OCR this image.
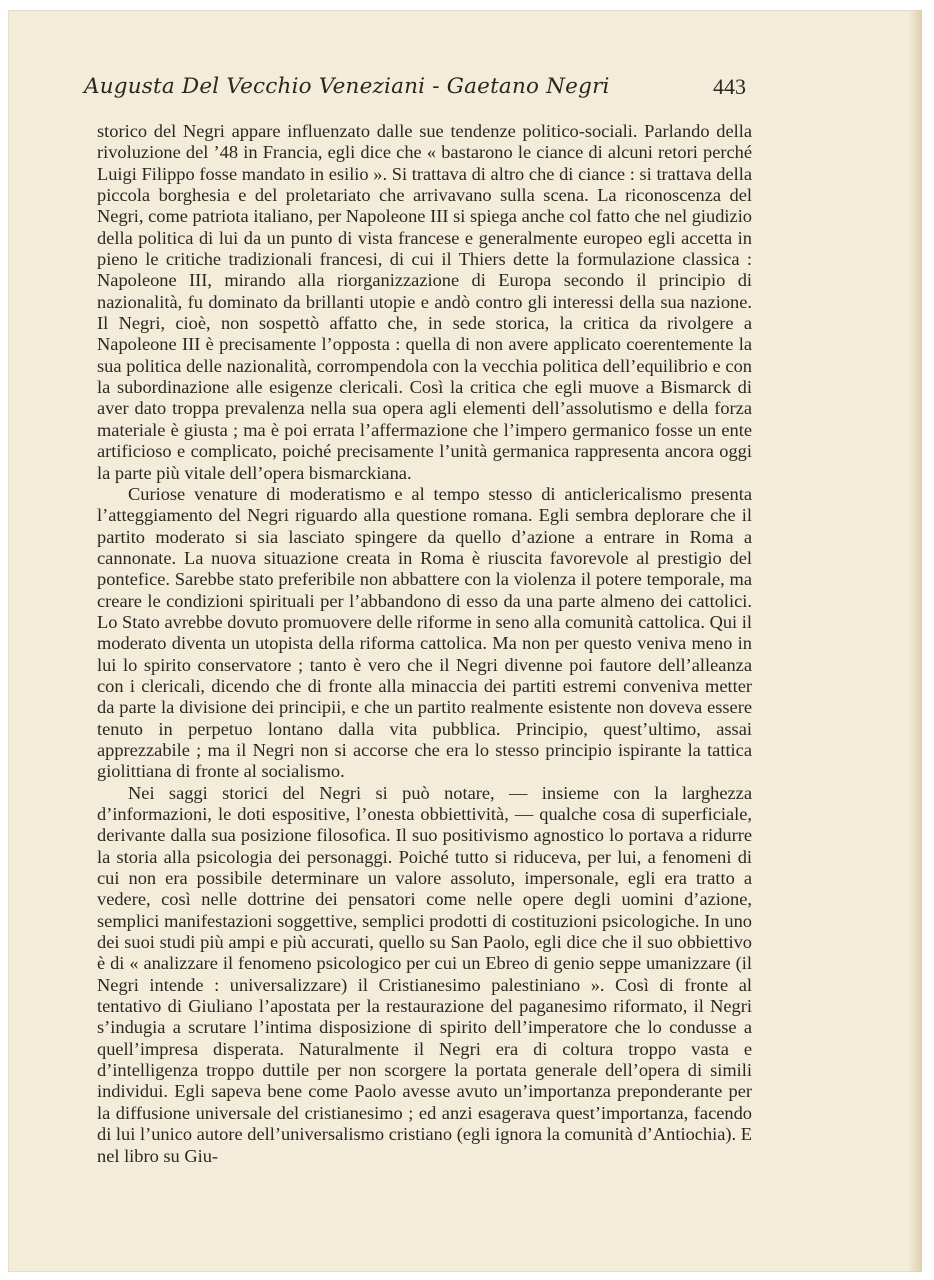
Augusta Del Vecchio Veneziani - Gaetano Negri	443

storico del Negri appare influenzato dalle sue tendenze politico-sociali. Parlando della rivoluzione del ’48 in Francia, egli dice che « bastarono le ciance di alcuni retori perché Luigi Filippo fosse mandato in esilio ». Si trattava di altro che di ciance : si trattava della piccola borghesia e del proletariato che arrivavano sulla scena. La riconoscenza del Negri, come patriota italiano, per Napoleone III si spiega anche col fatto che nel giudizio della politica di lui da un punto di vista francese e generalmente europeo egli accetta in pieno le critiche tradizionali francesi, di cui il Thiers dette la formulazione classica : Napoleone III, mirando alla riorganizzazione di Europa secondo il principio di nazionalità, fu dominato da brillanti utopie e andò contro gli interessi della sua nazione. Il Negri, cioè, non sospettò affatto che, in sede storica, la critica da rivolgere a Napoleone III è precisamente l’opposta : quella di non avere applicato coerentemente la sua politica delle nazionalità, corrompendola con la vecchia politica dell’equilibrio e con la subordinazione alle esigenze clericali. Così la critica che egli muove a Bismarck di aver dato troppa prevalenza nella sua opera agli elementi dell’assolutismo e della forza materiale è giusta ; ma è poi errata l’affermazione che l’impero germanico fosse un ente artificioso e complicato, poiché precisamente l’unità germanica rappresenta ancora oggi la parte più vitale dell’opera bismarckiana.

Curiose venature di moderatismo e al tempo stesso di anticlericalismo presenta l’atteggiamento del Negri riguardo alla questione romana. Egli sembra deplorare che il partito moderato si sia lasciato spingere da quello d’azione a entrare in Roma a cannonate. La nuova situazione creata in Roma è riuscita favorevole al prestigio del pontefice. Sarebbe stato preferibile non abbattere con la violenza il potere temporale, ma creare le condizioni spirituali per l’abbandono di esso da una parte almeno dei cattolici. Lo Stato avrebbe dovuto promuovere delle riforme in seno alla comunità cattolica. Qui il moderato diventa un utopista della riforma cattolica. Ma non per questo veniva meno in lui lo spirito conservatore ; tanto è vero che il Negri divenne poi fautore dell’alleanza con i clericali, dicendo che di fronte alla minaccia dei partiti estremi conveniva metter da parte la divisione dei principii, e che un partito realmente esistente non doveva essere tenuto in perpetuo lontano dalla vita pubblica. Principio, quest’ultimo, assai apprezzabile ; ma il Negri non si accorse che era lo stesso principio ispirante la tattica giolittiana di fronte al socialismo.

Nei saggi storici del Negri si può notare, — insieme con la larghezza d’informazioni, le doti espositive, l’onesta obbiettività, — qualche cosa di superficiale, derivante dalla sua posizione filosofica. Il suo positivismo agnostico lo portava a ridurre la storia alla psicologia dei personaggi. Poiché tutto si riduceva, per lui, a fenomeni di cui non era possibile determinare un valore assoluto, impersonale, egli era tratto a vedere, così nelle dottrine dei pensatori come nelle opere degli uomini d’azione, semplici manifestazioni soggettive, semplici prodotti di costituzioni psicologiche. In uno dei suoi studi più ampi e più accurati, quello su San Paolo, egli dice che il suo obbiettivo è di « analizzare il fenomeno psicologico per cui un Ebreo di genio seppe umanizzare (il Negri intende : universalizzare) il Cristianesimo palestiniano ». Così di fronte al tentativo di Giuliano l’apostata per la restaurazione del paganesimo riformato, il Negri s’indugia a scrutare l’intima disposizione di spirito dell’imperatore che lo condusse a quell’impresa disperata. Naturalmente il Negri era di coltura troppo vasta e d’intelligenza troppo duttile per non scorgere la portata generale dell’opera di simili individui. Egli sapeva bene come Paolo avesse avuto un’importanza preponderante per la diffusione universale del cristianesimo ; ed anzi esagerava quest’importanza, facendo di lui l’unico autore dell’universalismo cristiano (egli ignora la comunità d’Antiochia). E nel libro su Giu-
